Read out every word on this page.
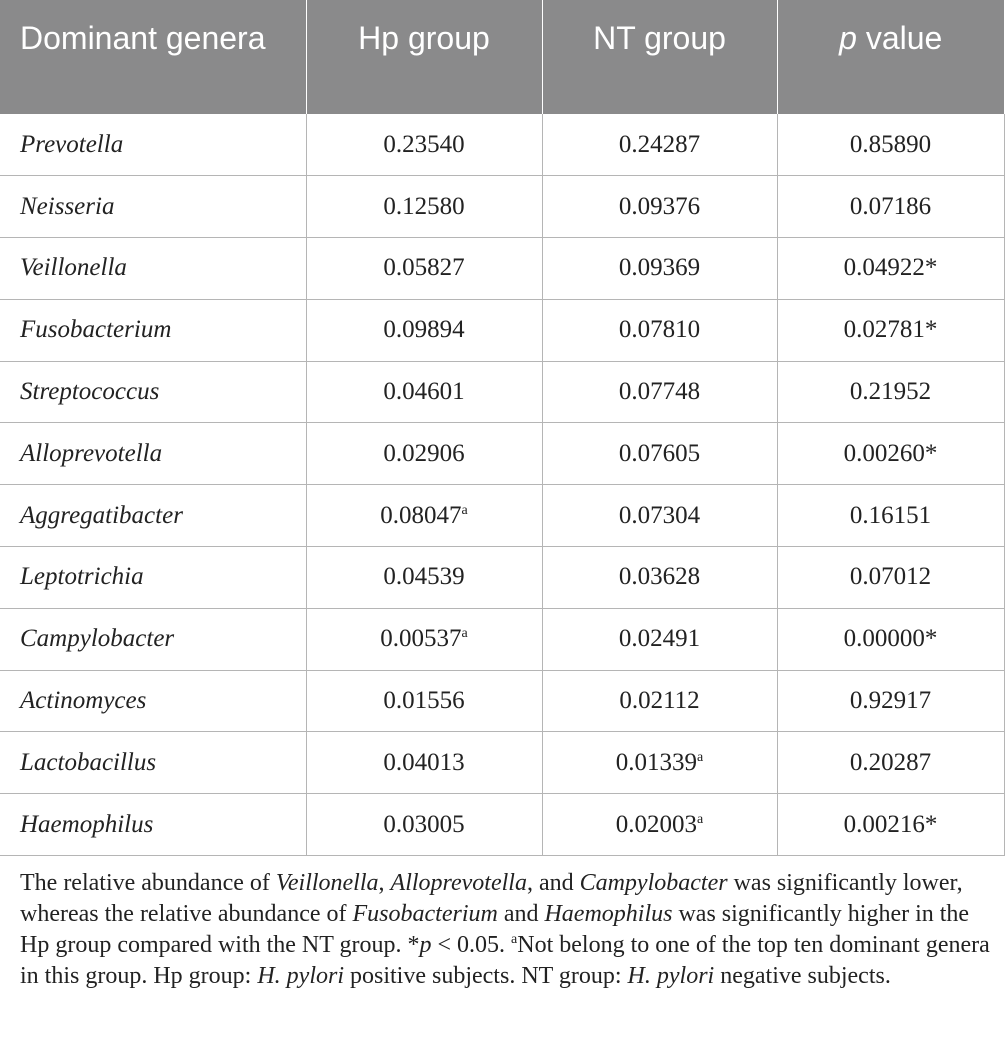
Dominant genera	Hp group	NT group	p value
Prevotella	0.23540	0.24287	0.85890
Neisseria	0.12580	0.09376	0.07186
Veillonella	0.05827	0.09369	0.04922*
Fusobacterium	0.09894	0.07810	0.02781*
Streptococcus	0.04601	0.07748	0.21952
Alloprevotella	0.02906	0.07605	0.00260*
Aggregatibacter	0.08047$^a$	0.07304	0.16151
Leptotrichia	0.04539	0.03628	0.07012
Campylobacter	0.00537$^a$	0.02491	0.00000*
Actinomyces	0.01556	0.02112	0.92917
Lactobacillus	0.04013	0.01339$^a$	0.20287
Haemophilus	0.03005	0.02003$^a$	0.00216*
The relative abundance of Veillonella, Alloprevotella, and Campylobacter was significantly lower, whereas the relative abundance of Fusobacterium and Haemophilus was significantly higher in the Hp group compared with the NT group. *p < 0.05. $^a$Not belong to one of the top ten dominant genera in this group. Hp group: H. pylori positive subjects. NT group: H. pylori negative subjects.
